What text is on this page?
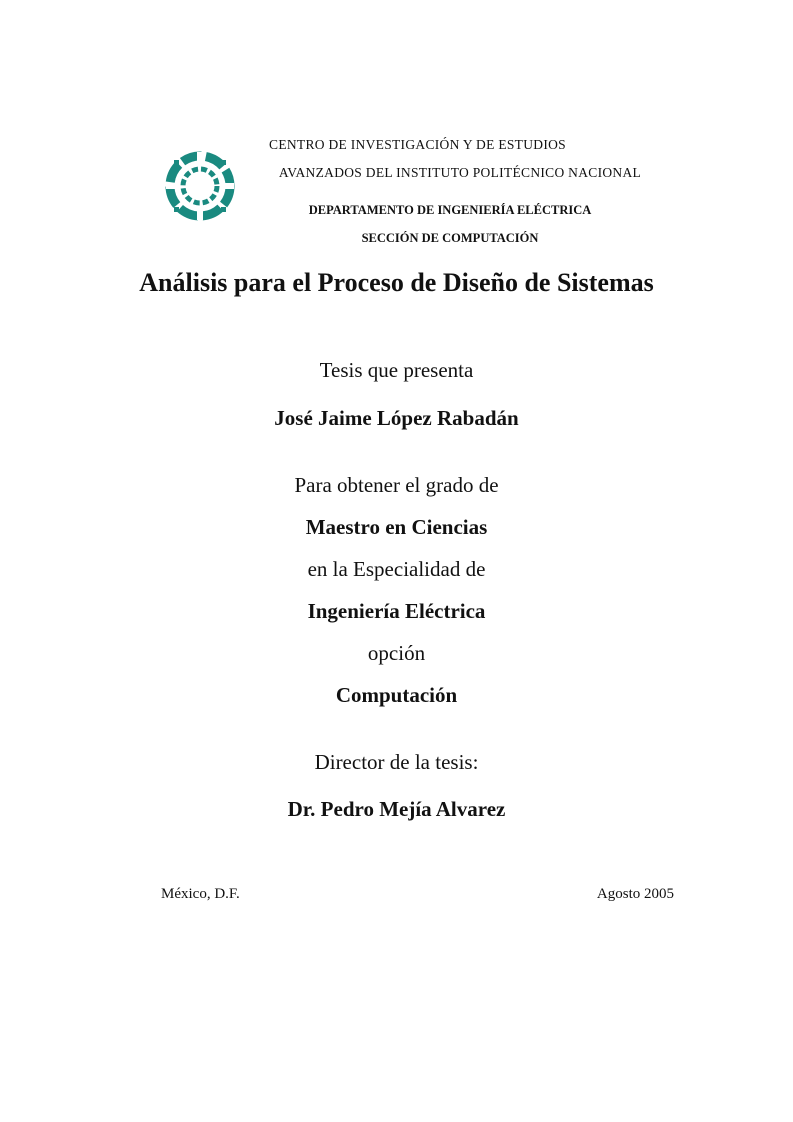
CENTRO DE INVESTIGACIÓN Y DE ESTUDIOS
AVANZADOS DEL INSTITUTO POLITÉCNICO NACIONAL
DEPARTAMENTO DE INGENIERÍA ELÉCTRICA
SECCIÓN DE COMPUTACIÓN
Análisis para el Proceso de Diseño de Sistemas
Tesis que presenta
José Jaime López Rabadán
Para obtener el grado de
Maestro en Ciencias
en la Especialidad de
Ingeniería Eléctrica
opción
Computación
Director de la tesis:
Dr. Pedro Mejía Alvarez
México, D.F.	Agosto 2005
